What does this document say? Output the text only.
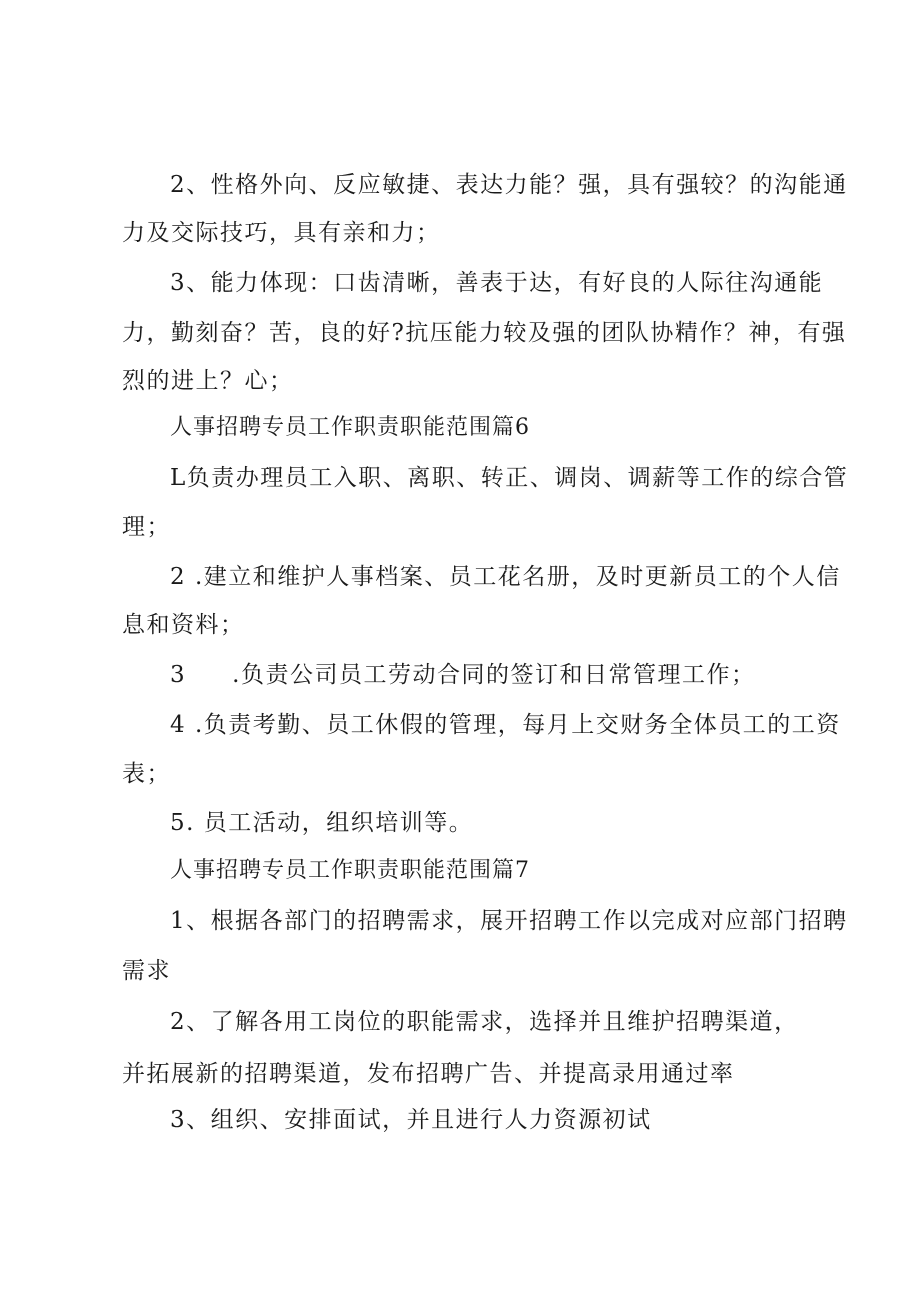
2、性格外向、反应敏捷、表达力能？强，具有强较？的沟能通
力及交际技巧，具有亲和力；
3、能力体现：口齿清晰，善表于达，有好良的人际往沟通能
力，勤刻奋？苦，良的好?抗压能力较及强的团队协精作？神，有强
烈的进上？心；
人事招聘专员工作职责职能范围篇6
L负责办理员工入职、离职、转正、调岗、调薪等工作的综合管
理；
2 .建立和维护人事档案、员工花名册，及时更新员工的个人信
息和资料；
3 .负责公司员工劳动合同的签订和日常管理工作；
4 .负责考勤、员工休假的管理，每月上交财务全体员工的工资
表；
5. 员工活动，组织培训等。
人事招聘专员工作职责职能范围篇7
1、根据各部门的招聘需求，展开招聘工作以完成对应部门招聘
需求
2、了解各用工岗位的职能需求，选择并且维护招聘渠道，
并拓展新的招聘渠道，发布招聘广告、并提高录用通过率
3、组织、安排面试，并且进行人力资源初试
